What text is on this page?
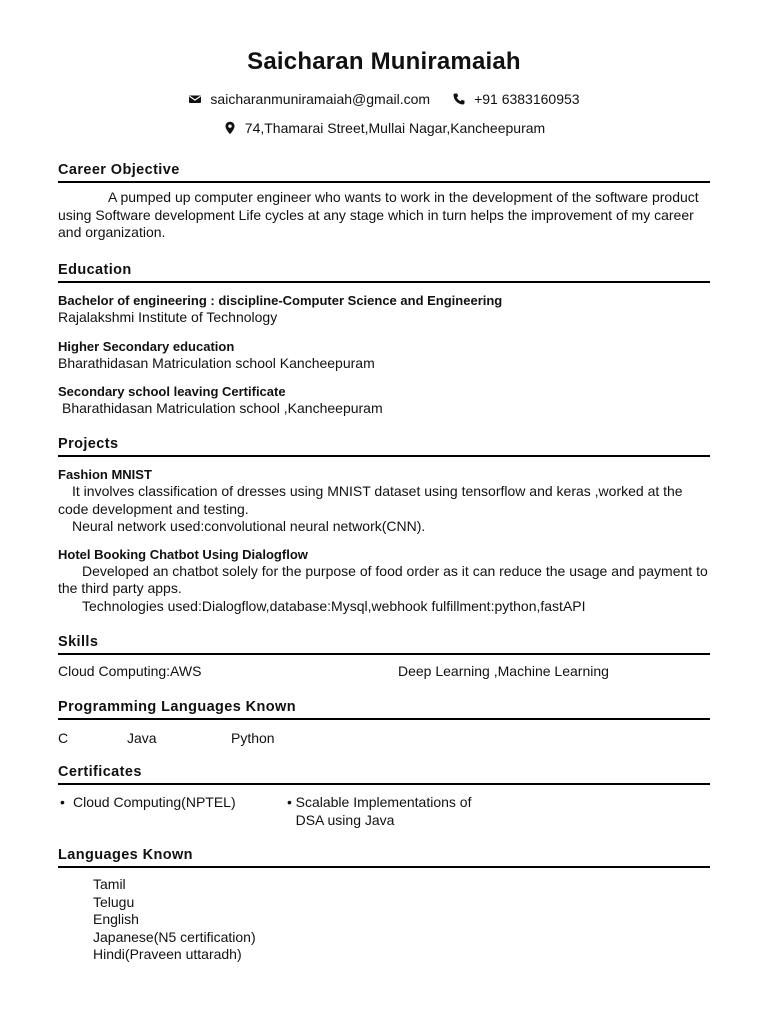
Saicharan Muniramaiah
saicharanmuniramaiah@gmail.com	+91 6383160953
74,Thamarai Street,Mullai Nagar,Kancheepuram
Career Objective
A pumped up computer engineer who wants to work in the development of the software product using Software development Life cycles at any stage which in turn helps the improvement of my career and organization.
Education
Bachelor of engineering : discipline-Computer Science and Engineering
Rajalakshmi Institute of Technology
Higher Secondary education
Bharathidasan Matriculation school Kancheepuram
Secondary school leaving Certificate
Bharathidasan Matriculation school ,Kancheepuram
Projects
Fashion MNIST
It involves classification of dresses using MNIST dataset using tensorflow and keras ,worked at the code development and testing.
Neural network used:convolutional neural network(CNN).
Hotel Booking Chatbot Using Dialogflow
Developed an chatbot solely for the purpose of food order as it can reduce the usage and payment to the third party apps.
Technologies used:Dialogflow,database:Mysql,webhook fulfillment:python,fastAPI
Skills
Cloud Computing:AWS	Deep Learning ,Machine Learning
Programming Languages Known
C	Java	Python
Certificates
• Cloud Computing(NPTEL)	• Scalable Implementations of DSA using Java
Languages Known
Tamil
Telugu
English
Japanese(N5 certification)
Hindi(Praveen uttaradh)
